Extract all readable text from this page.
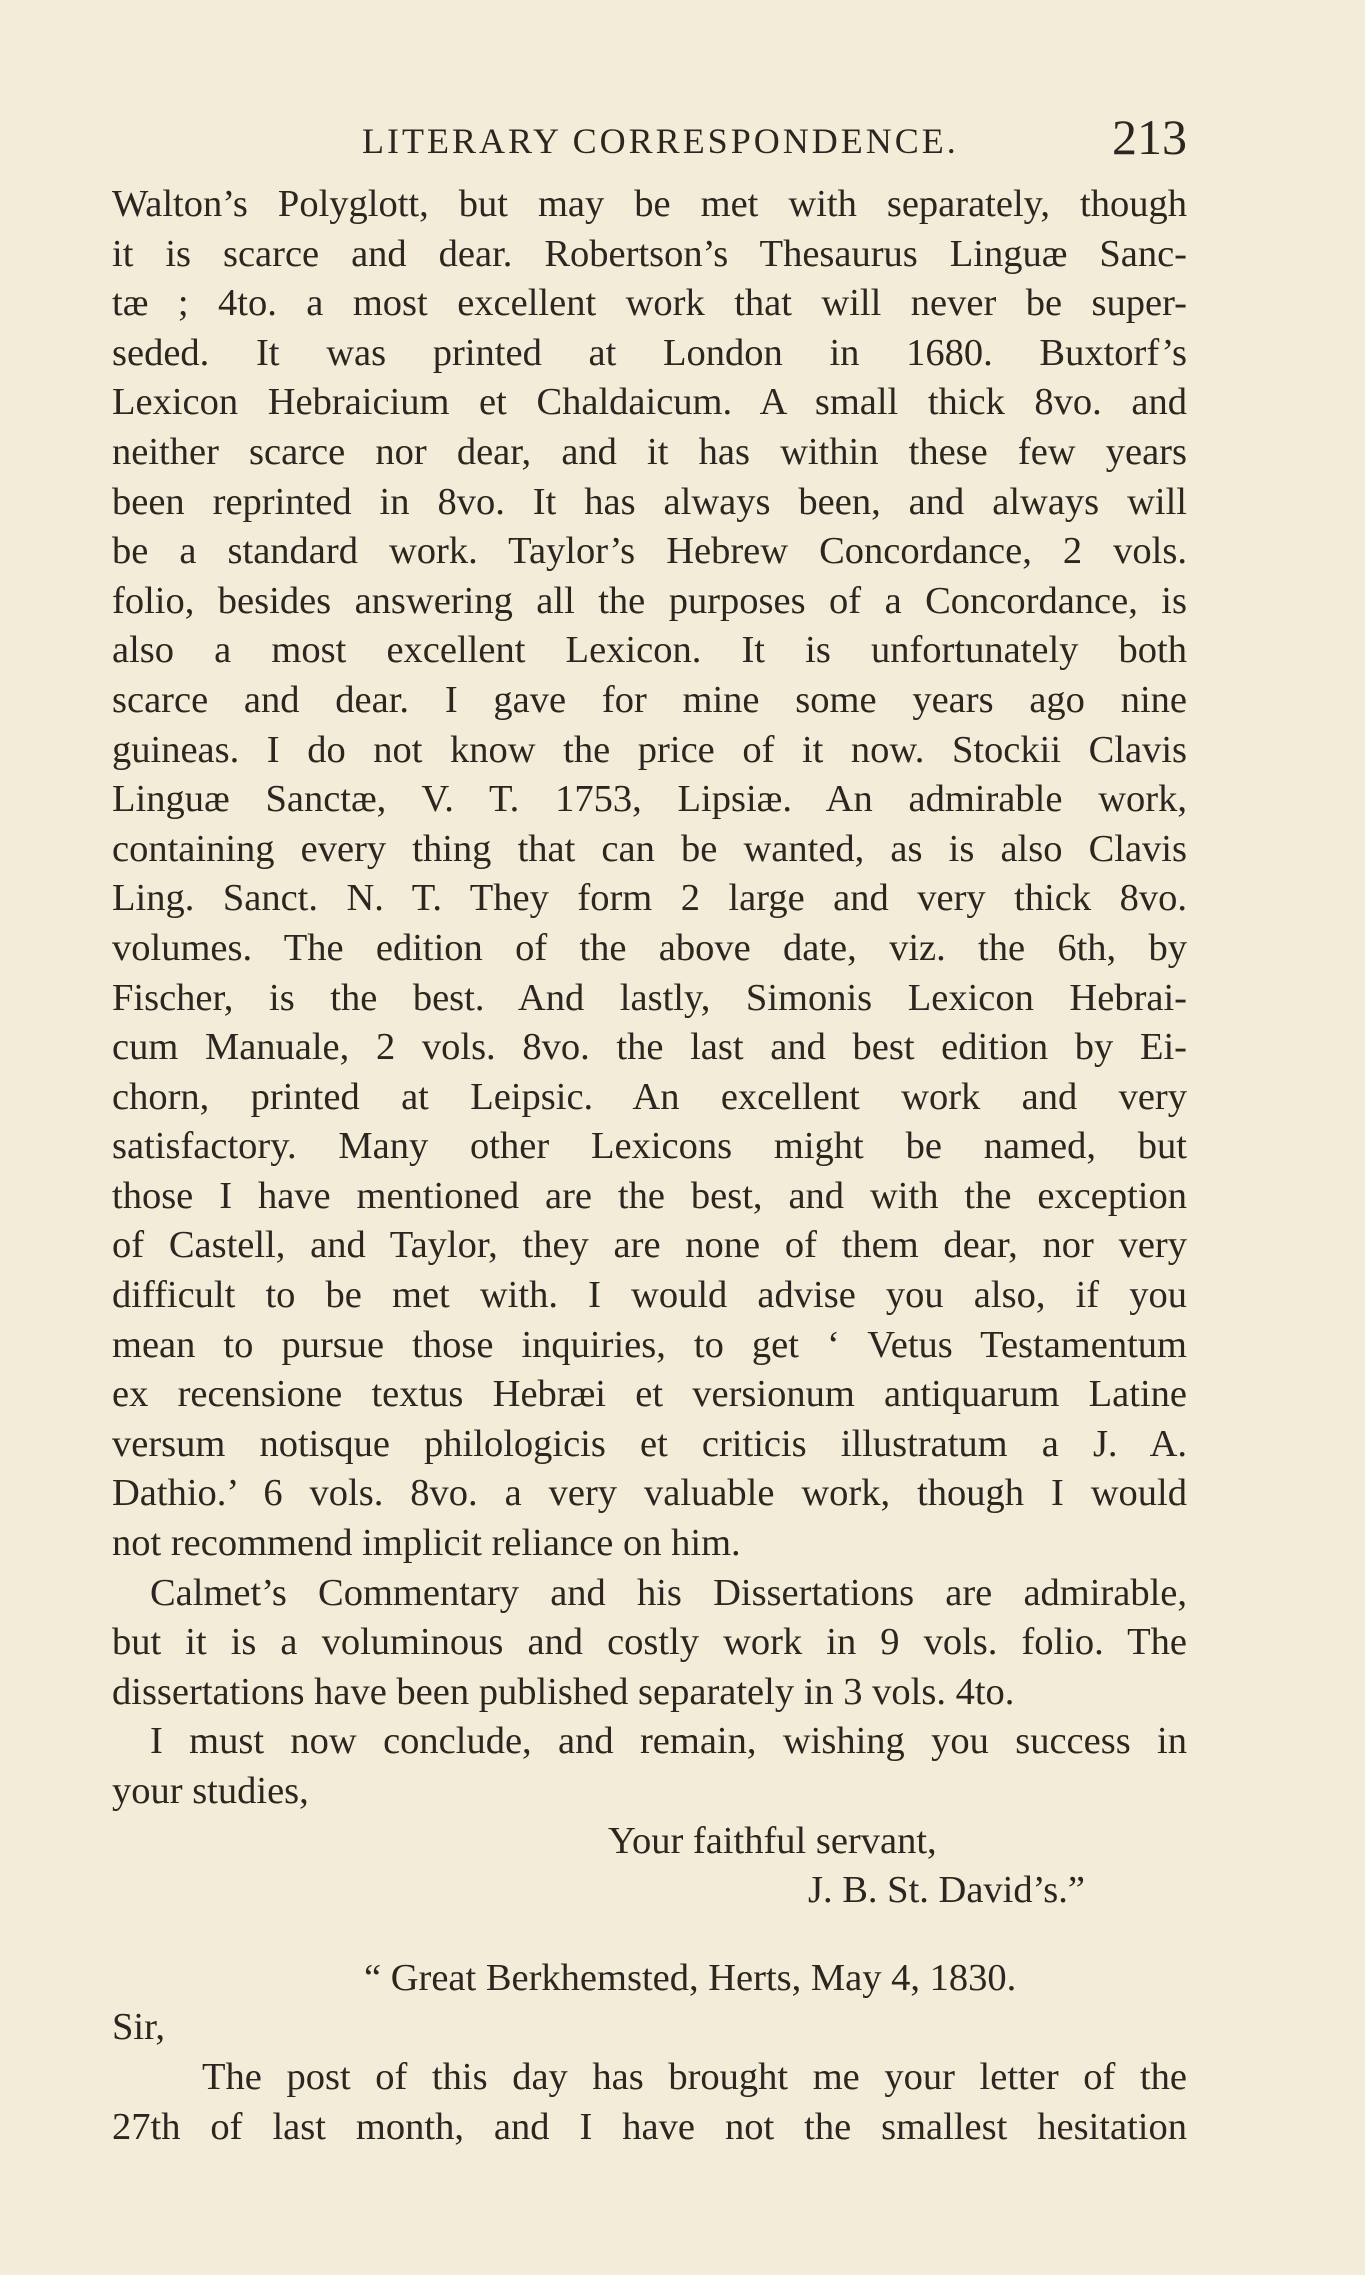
LITERARY CORRESPONDENCE.	213
Walton’s Polyglott, but may be met with separately, though
it is scarce and dear. Robertson’s Thesaurus Linguæ Sanc-
tæ ; 4to. a most excellent work that will never be super-
seded. It was printed at London in 1680. Buxtorf’s
Lexicon Hebraicium et Chaldaicum. A small thick 8vo. and
neither scarce nor dear, and it has within these few years
been reprinted in 8vo. It has always been, and always will
be a standard work. Taylor’s Hebrew Concordance, 2 vols.
folio, besides answering all the purposes of a Concordance, is
also a most excellent Lexicon. It is unfortunately both
scarce and dear. I gave for mine some years ago nine
guineas. I do not know the price of it now. Stockii Clavis
Linguæ Sanctæ, V. T. 1753, Lipsiæ. An admirable work,
containing every thing that can be wanted, as is also Clavis
Ling. Sanct. N. T. They form 2 large and very thick 8vo.
volumes. The edition of the above date, viz. the 6th, by
Fischer, is the best. And lastly, Simonis Lexicon Hebrai-
cum Manuale, 2 vols. 8vo. the last and best edition by Ei-
chorn, printed at Leipsic. An excellent work and very
satisfactory. Many other Lexicons might be named, but
those I have mentioned are the best, and with the exception
of Castell, and Taylor, they are none of them dear, nor very
difficult to be met with. I would advise you also, if you
mean to pursue those inquiries, to get ‘ Vetus Testamentum
ex recensione textus Hebræi et versionum antiquarum Latine
versum notisque philologicis et criticis illustratum a J. A.
Dathio.’ 6 vols. 8vo. a very valuable work, though I would
not recommend implicit reliance on him.
Calmet’s Commentary and his Dissertations are admirable,
but it is a voluminous and costly work in 9 vols. folio. The
dissertations have been published separately in 3 vols. 4to.
I must now conclude, and remain, wishing you success in
your studies,
Your faithful servant,
J. B. St. David’s.”
“ Great Berkhemsted, Herts, May 4, 1830.
Sir,
The post of this day has brought me your letter of the
27th of last month, and I have not the smallest hesitation
